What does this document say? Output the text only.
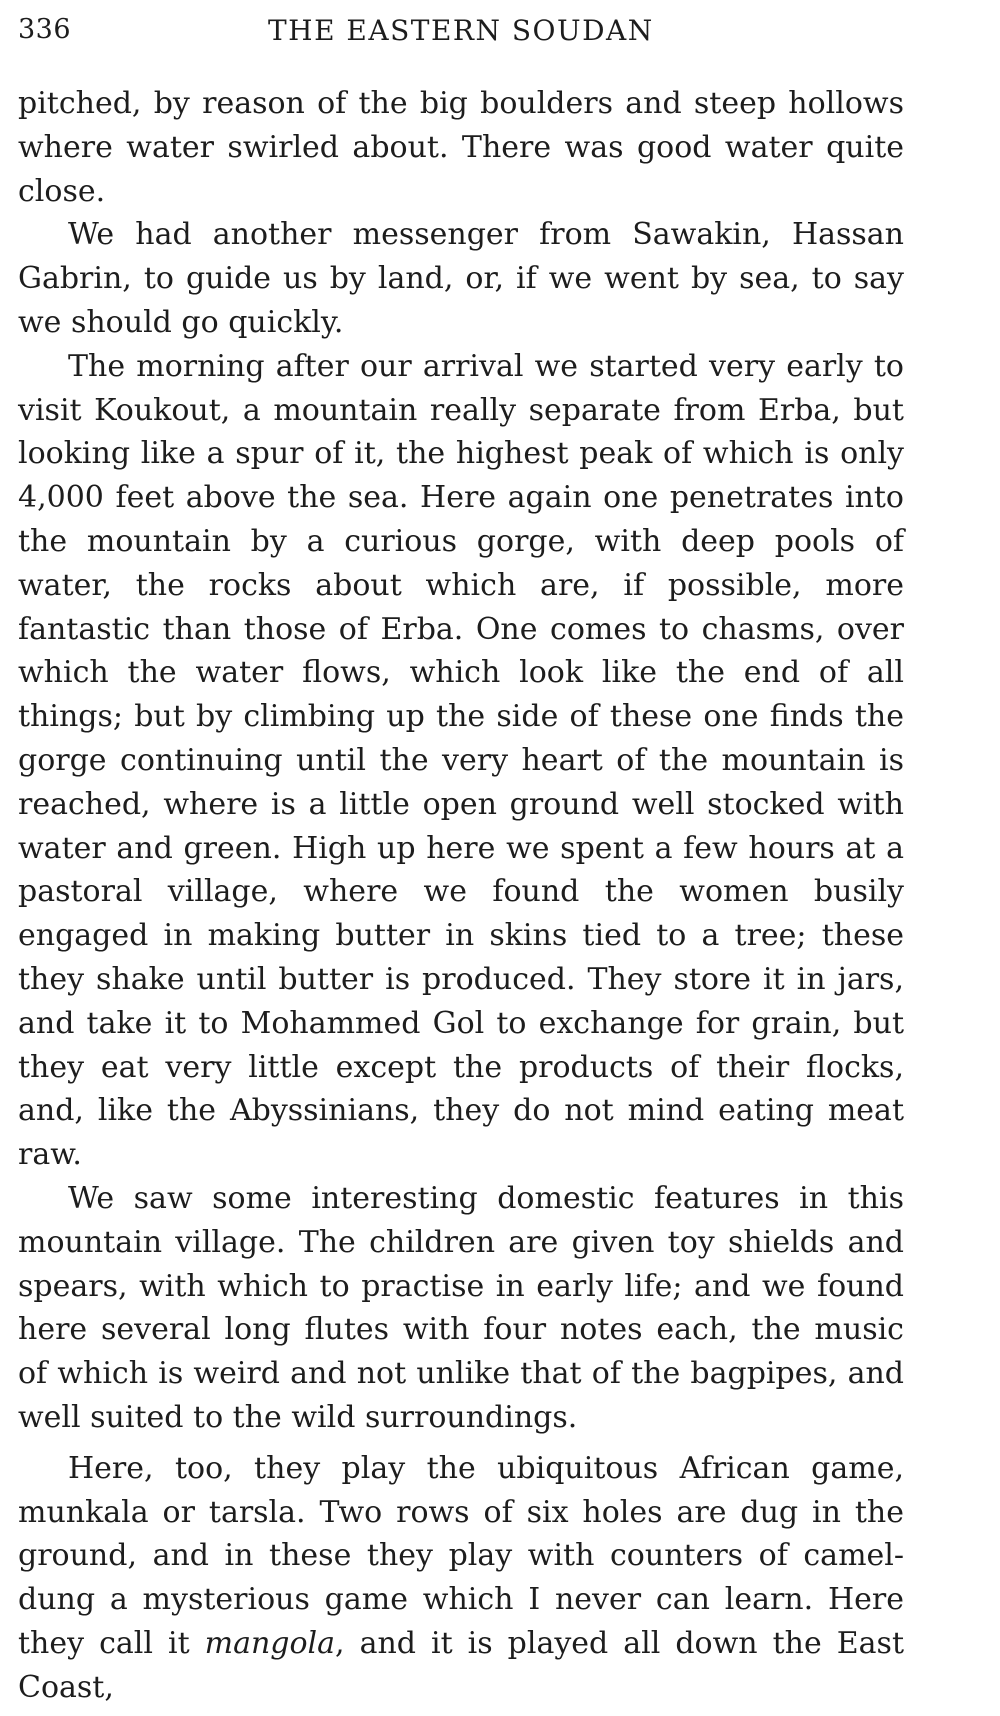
336	THE EASTERN SOUDAN

pitched, by reason of the big boulders and steep hollows where water swirled about. There was good water quite close.

We had another messenger from Sawakin, Hassan Gabrin, to guide us by land, or, if we went by sea, to say we should go quickly.

The morning after our arrival we started very early to visit Koukout, a mountain really separate from Erba, but looking like a spur of it, the highest peak of which is only 4,000 feet above the sea. Here again one penetrates into the mountain by a curious gorge, with deep pools of water, the rocks about which are, if possible, more fantastic than those of Erba. One comes to chasms, over which the water flows, which look like the end of all things; but by climbing up the side of these one finds the gorge continuing until the very heart of the mountain is reached, where is a little open ground well stocked with water and green. High up here we spent a few hours at a pastoral village, where we found the women busily engaged in making butter in skins tied to a tree; these they shake until butter is produced. They store it in jars, and take it to Mohammed Gol to exchange for grain, but they eat very little except the products of their flocks, and, like the Abyssinians, they do not mind eating meat raw.

We saw some interesting domestic features in this mountain village. The children are given toy shields and spears, with which to practise in early life; and we found here several long flutes with four notes each, the music of which is weird and not unlike that of the bagpipes, and well suited to the wild surroundings.

Here, too, they play the ubiquitous African game, munkala or tarsla. Two rows of six holes are dug in the ground, and in these they play with counters of camel-dung a mysterious game which I never can learn. Here they call it mangola, and it is played all down the East Coast,
